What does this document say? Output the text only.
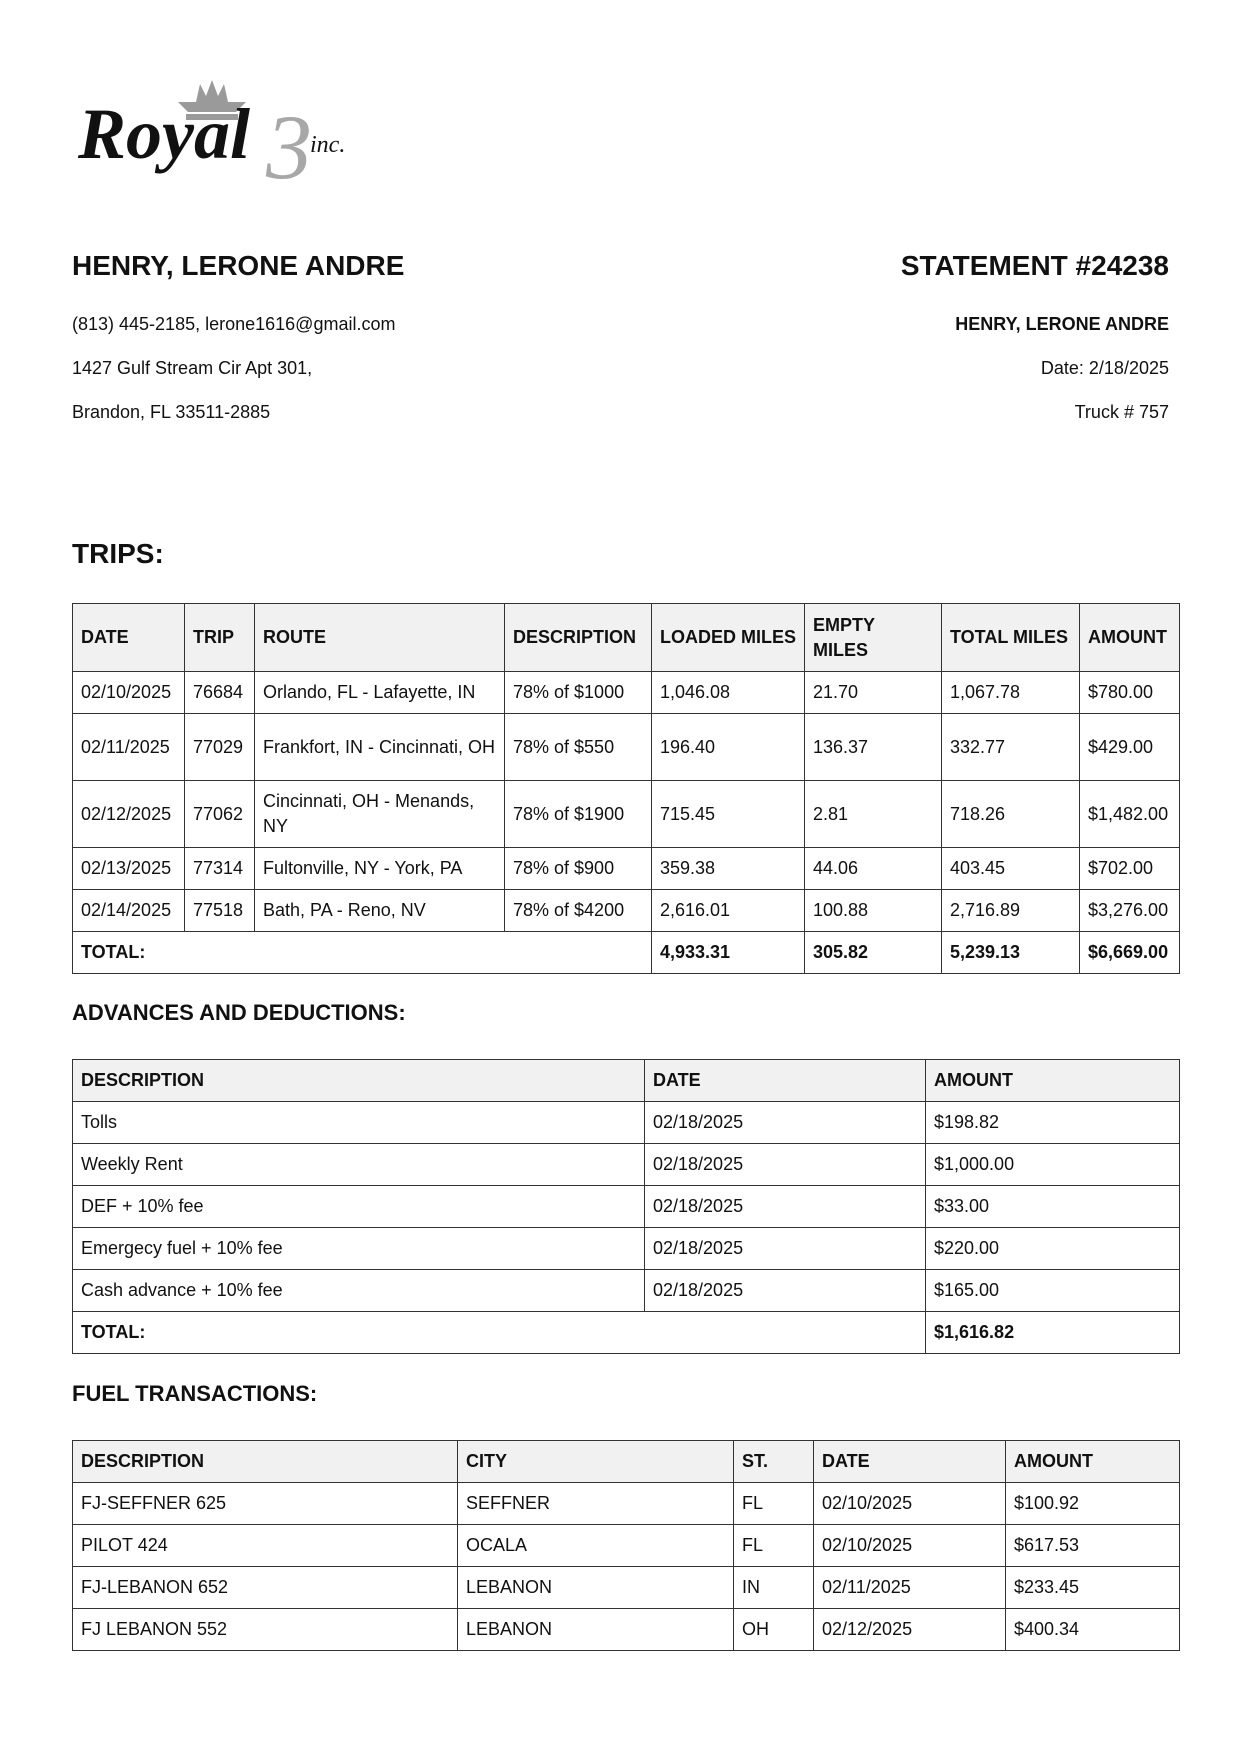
3
Royal	inc.
HENRY, LERONE ANDRE	STATEMENT #24238
(813) 445-2185, lerone1616@gmail.com
1427 Gulf Stream Cir Apt 301,
Brandon, FL 33511-2885
HENRY, LERONE ANDRE
Date: 2/18/2025
Truck # 757
TRIPS:
DATE	TRIP	ROUTE	DESCRIPTION	LOADED MILES	EMPTY MILES	TOTAL MILES	AMOUNT
02/10/2025	76684	Orlando, FL - Lafayette, IN	78% of $1000	1,046.08	21.70	1,067.78	$780.00
02/11/2025	77029	Frankfort, IN - Cincinnati, OH	78% of $550	196.40	136.37	332.77	$429.00
02/12/2025	77062	Cincinnati, OH - Menands, NY	78% of $1900	715.45	2.81	718.26	$1,482.00
02/13/2025	77314	Fultonville, NY - York, PA	78% of $900	359.38	44.06	403.45	$702.00
02/14/2025	77518	Bath, PA - Reno, NV	78% of $4200	2,616.01	100.88	2,716.89	$3,276.00
TOTAL:				4,933.31	305.82	5,239.13	$6,669.00
ADVANCES AND DEDUCTIONS:
DESCRIPTION	DATE	AMOUNT
Tolls	02/18/2025	$198.82
Weekly Rent	02/18/2025	$1,000.00
DEF + 10% fee	02/18/2025	$33.00
Emergecy fuel + 10% fee	02/18/2025	$220.00
Cash advance + 10% fee	02/18/2025	$165.00
TOTAL:		$1,616.82
FUEL TRANSACTIONS:
DESCRIPTION	CITY	ST.	DATE	AMOUNT
FJ-SEFFNER 625	SEFFNER	FL	02/10/2025	$100.92
PILOT 424	OCALA	FL	02/10/2025	$617.53
FJ-LEBANON 652	LEBANON	IN	02/11/2025	$233.45
FJ LEBANON 552	LEBANON	OH	02/12/2025	$400.34
